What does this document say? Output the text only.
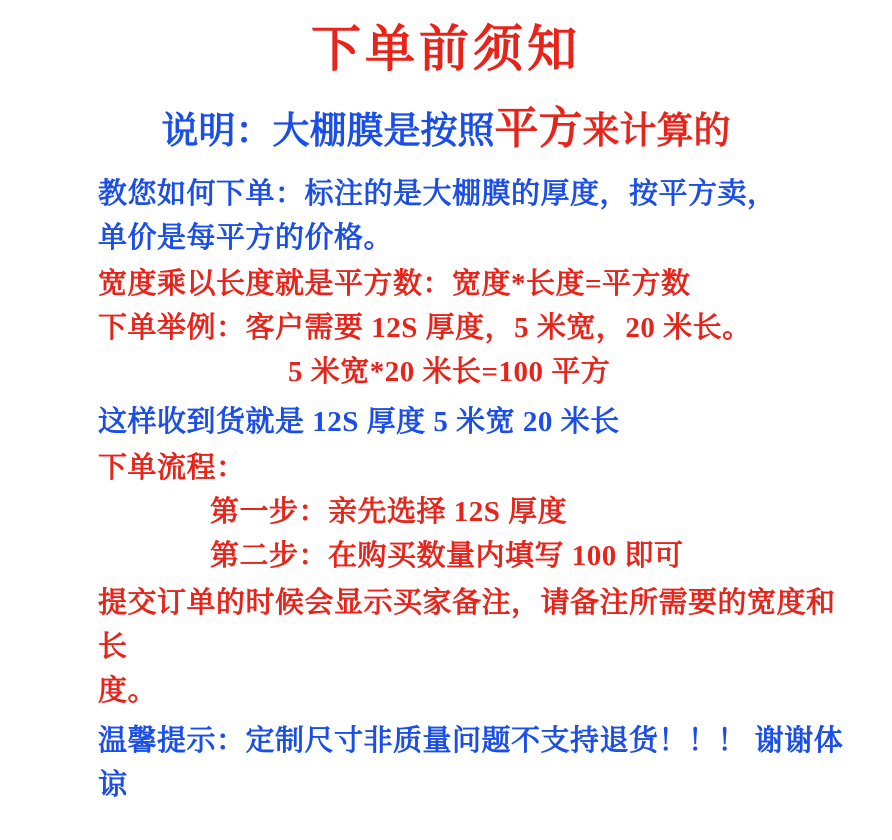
下单前须知
说明：大棚膜是按照平方来计算的
教您如何下单：标注的是大棚膜的厚度，按平方卖，
单价是每平方的价格。
宽度乘以长度就是平方数：宽度*长度=平方数
下单举例：客户需要 12S 厚度，5 米宽，20 米长。
5 米宽*20 米长=100 平方
这样收到货就是 12S 厚度 5 米宽 20 米长
下单流程：
第一步：亲先选择 12S 厚度
第二步：在购买数量内填写 100 即可
提交订单的时候会显示买家备注，请备注所需要的宽度和长
度。
温馨提示：定制尺寸非质量问题不支持退货！！！ 谢谢体谅
